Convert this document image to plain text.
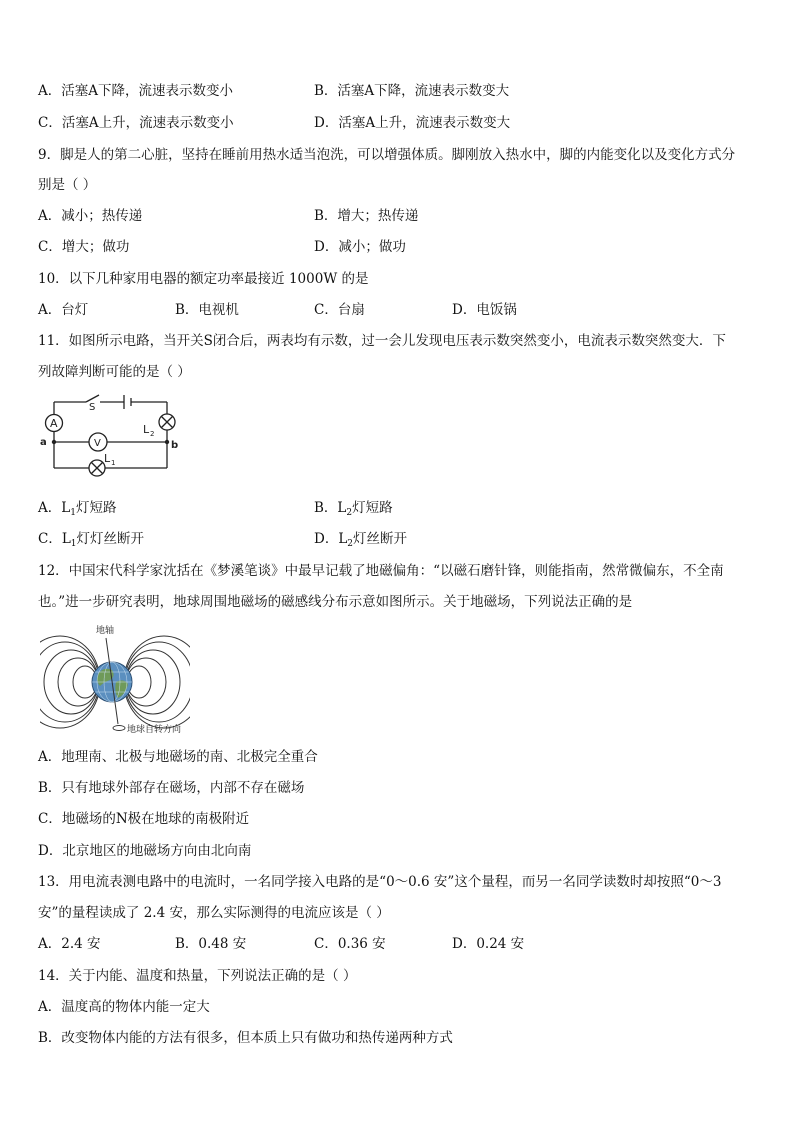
A．活塞A下降，流速表示数变小	B．活塞A下降，流速表示数变大
C．活塞A上升，流速表示数变小	D．活塞A上升，流速表示数变大
9．脚是人的第二心脏，坚持在睡前用热水适当泡洗，可以增强体质。脚刚放入热水中，脚的内能变化以及变化方式分
别是（ ）
A．减小；热传递	B．增大；热传递
C．增大；做功	D．减小；做功
10．以下几种家用电器的额定功率最接近 1000W 的是
A．台灯	B．电视机	C．台扇	D．电饭锅
11．如图所示电路，当开关S闭合后，两表均有示数，过一会儿发现电压表示数突然变小，电流表示数突然变大．下
列故障判断可能的是（ ）
A
V
S
L 2
L 1
a	b
A．$L_1$灯短路	B．$L_2$灯短路
C．$L_1$灯灯丝断开	D．$L_2$灯丝断开
12．中国宋代科学家沈括在《梦溪笔谈》中最早记载了地磁偏角：“以磁石磨针锋，则能指南，然常微偏东，不全南
也。”进一步研究表明，地球周围地磁场的磁感线分布示意如图所示。关于地磁场，下列说法正确的是
地轴
地球自转方向
A．地理南、北极与地磁场的南、北极完全重合
B．只有地球外部存在磁场，内部不存在磁场
C．地磁场的N极在地球的南极附近
D．北京地区的地磁场方向由北向南
13．用电流表测电路中的电流时，一名同学接入电路的是“0～0.6 安”这个量程，而另一名同学读数时却按照“0～3
安”的量程读成了 2.4 安，那么实际测得的电流应该是（ ）
A．2.4 安	B．0.48 安	C．0.36 安	D．0.24 安
14．关于内能、温度和热量，下列说法正确的是（ ）
A．温度高的物体内能一定大
B．改变物体内能的方法有很多，但本质上只有做功和热传递两种方式
